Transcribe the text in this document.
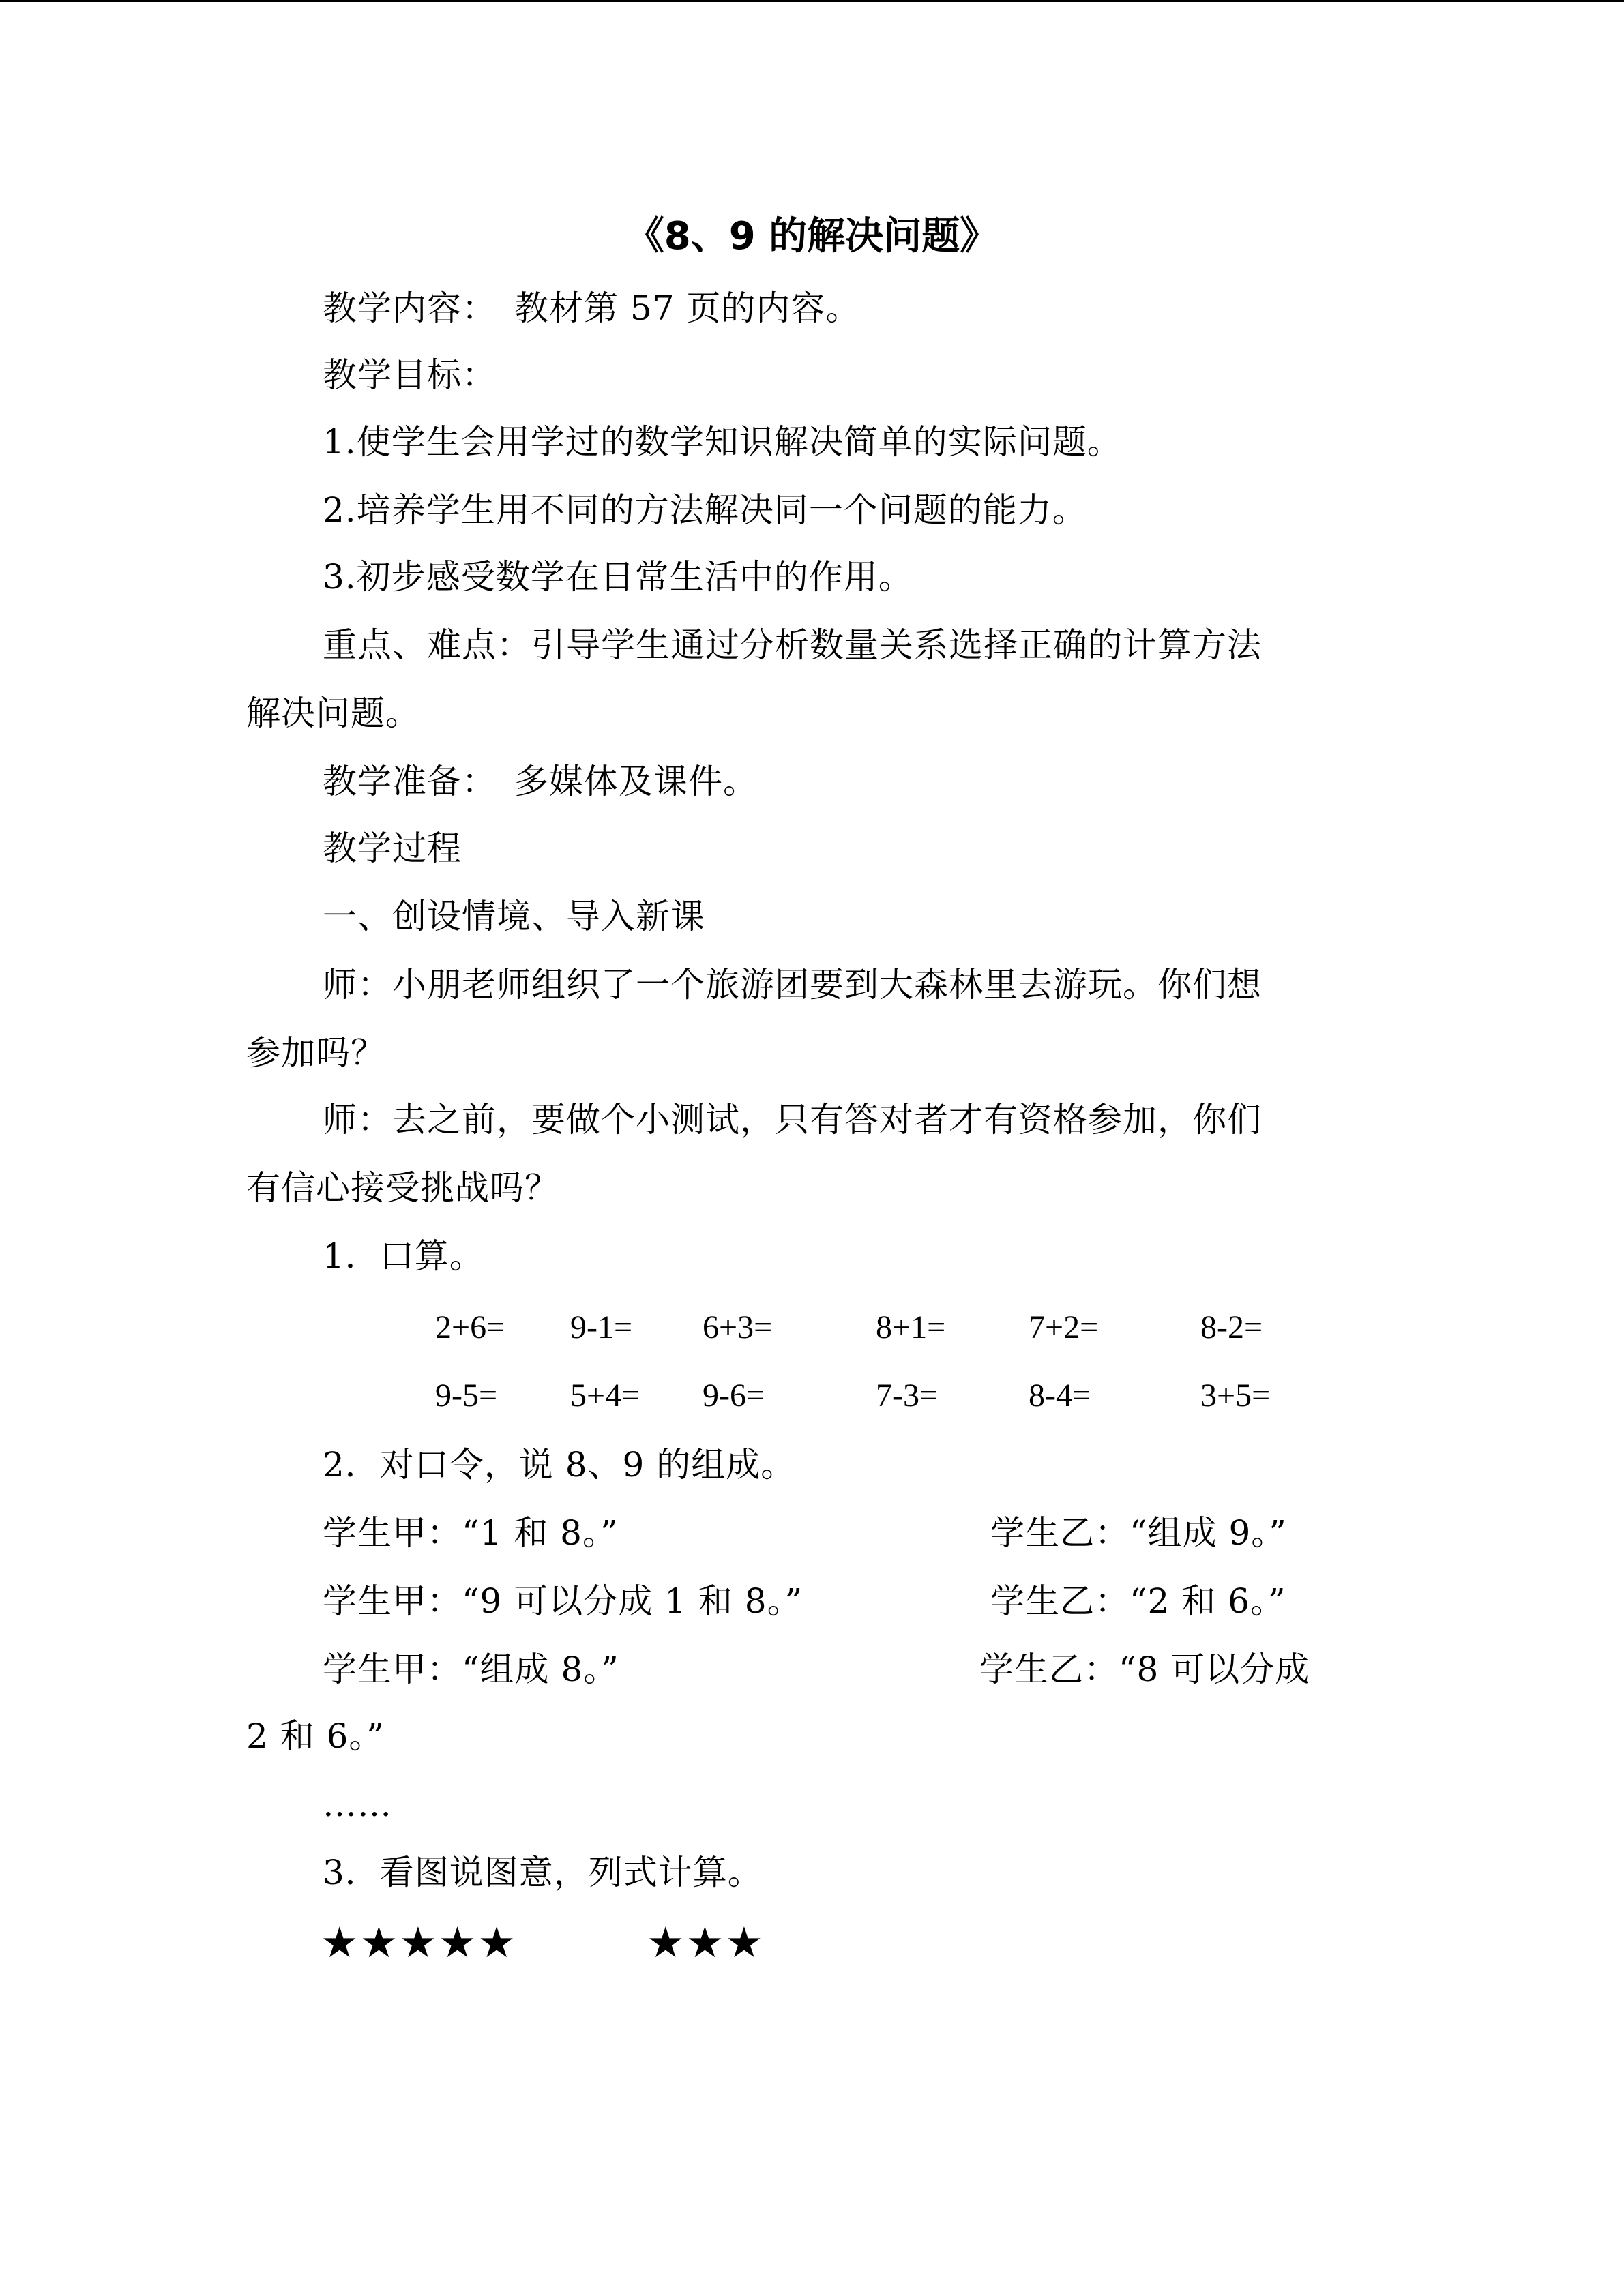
《8、9 的解决问题》
教学内容：　教材第 57 页的内容。
教学目标：
1.使学生会用学过的数学知识解决简单的实际问题。
2.培养学生用不同的方法解决同一个问题的能力。
3.初步感受数学在日常生活中的作用。
重点、难点：引导学生通过分析数量关系选择正确的计算方法
解决问题。
教学准备：　多媒体及课件。
教学过程
一、创设情境、导入新课
师：小朋老师组织了一个旅游团要到大森林里去游玩。你们想
参加吗？
师：去之前，要做个小测试，只有答对者才有资格参加，你们
有信心接受挑战吗？
1．口算。
2+6= 9-1= 6+3=	8+1=	7+2=	8-2=
9-5= 5+4= 9-6=	7-3=	8-4=	3+5=
2．对口令，说 8、9 的组成。
学生甲：“1 和 8。”	学生乙：“组成 9。”
学生甲：“9 可以分成 1 和 8。”	学生乙：“2 和 6。”
学生甲：“组成 8。”	学生乙：“8 可以分成
2 和 6。”
……
3．看图说图意，列式计算。
★★★★★	★★★
